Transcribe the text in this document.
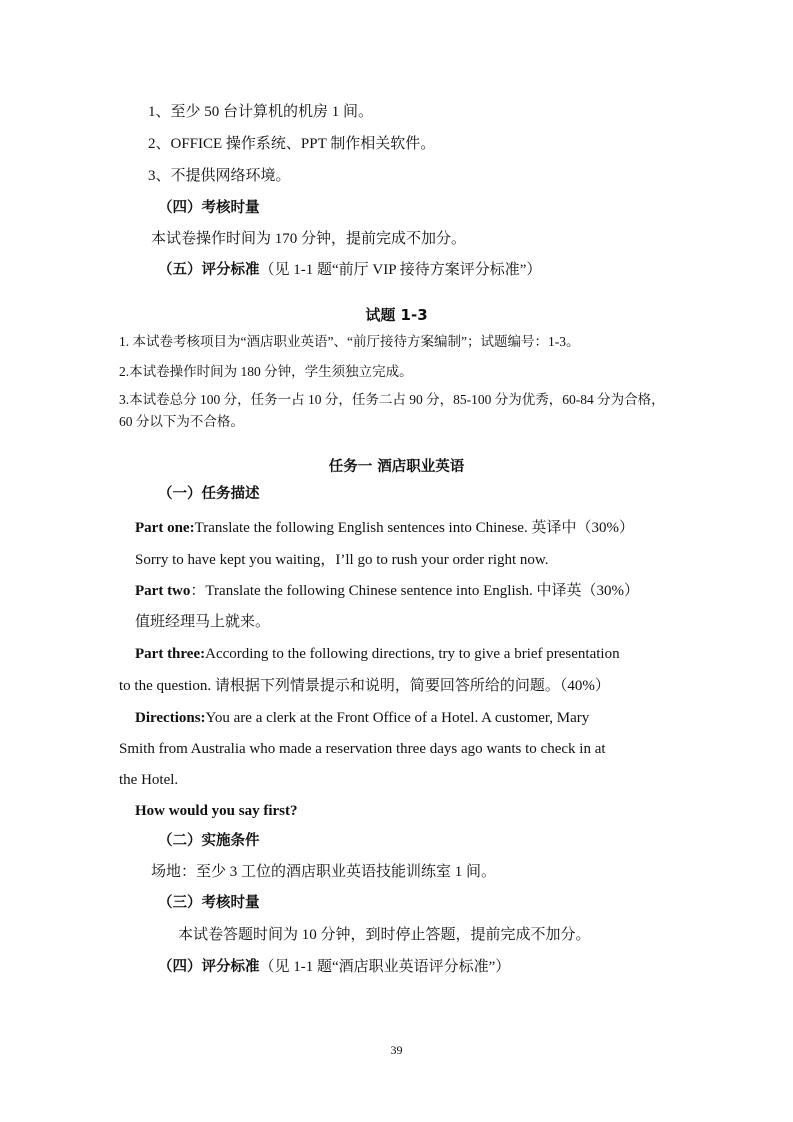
1、至少 50 台计算机的机房 1 间。
2、OFFICE 操作系统、PPT 制作相关软件。
3、不提供网络环境。
（四）考核时量
本试卷操作时间为 170 分钟，提前完成不加分。
（五）评分标准（见 1-1 题“前厅 VIP 接待方案评分标准”）
试题 1-3
1. 本试卷考核项目为“酒店职业英语”、“前厅接待方案编制”；试题编号：1-3。
2.本试卷操作时间为 180 分钟，学生须独立完成。
3.本试卷总分 100 分，任务一占 10 分，任务二占 90 分，85-100 分为优秀，60-84 分为合格，
60 分以下为不合格。
任务一 酒店职业英语
（一）任务描述
Part one:Translate the following English sentences into Chinese. 英译中（30%）
Sorry to have kept you waiting，I’ll go to rush your order right now.
Part two：Translate the following Chinese sentence into English. 中译英（30%）
值班经理马上就来。
Part three:According to the following directions, try to give a brief presentation
to the question. 请根据下列情景提示和说明，简要回答所给的问题。（40%）
Directions:You are a clerk at the Front Office of a Hotel. A customer, Mary
Smith from Australia who made a reservation three days ago wants to check in at
the Hotel.
How would you say first?
（二）实施条件
场地：至少 3 工位的酒店职业英语技能训练室 1 间。
（三）考核时量
本试卷答题时间为 10 分钟，到时停止答题，提前完成不加分。
（四）评分标准（见 1-1 题“酒店职业英语评分标准”）
39
